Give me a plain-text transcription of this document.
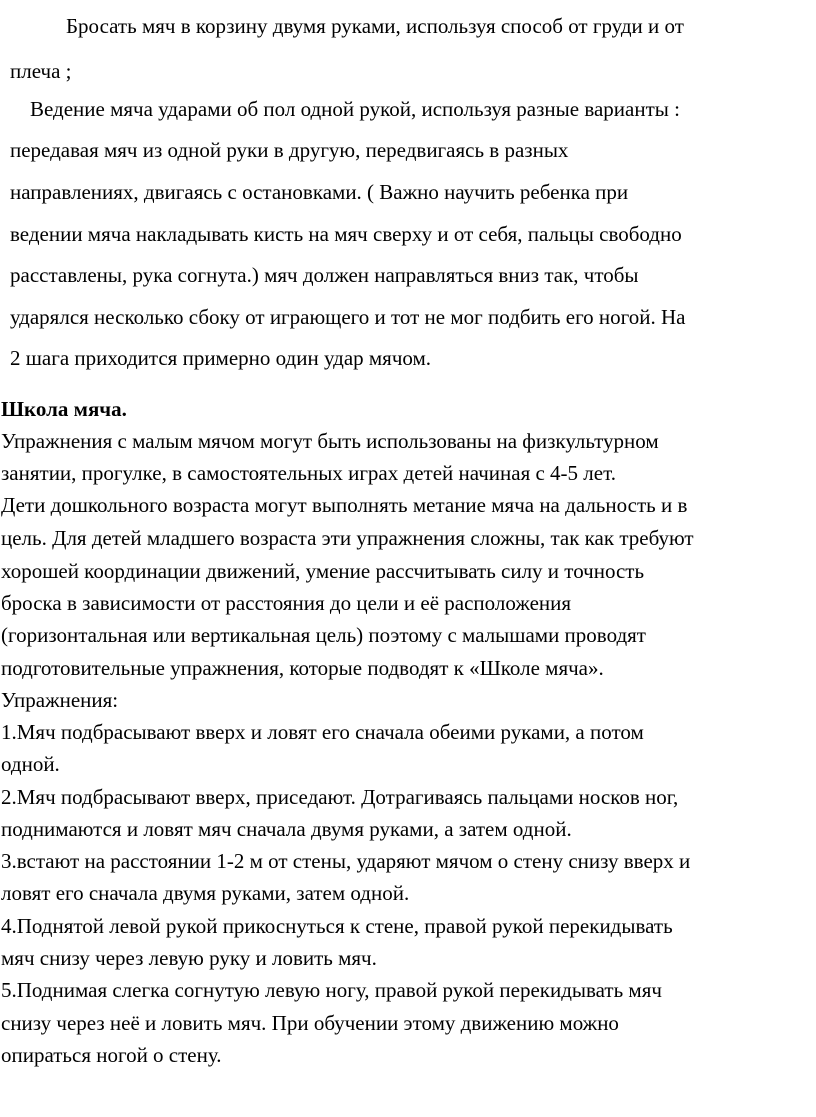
Бросать мяч в корзину двумя руками, используя способ от груди и от
плеча ;
Ведение мяча ударами об пол одной рукой, используя разные варианты :
передавая мяч из одной руки в другую, передвигаясь в разных
направлениях, двигаясь с остановками. ( Важно научить ребенка при
ведении мяча накладывать кисть на мяч сверху и от себя, пальцы свободно
расставлены, рука согнута.) мяч должен направляться вниз так, чтобы
ударялся несколько сбоку от играющего и тот не мог подбить его ногой. На
2 шага приходится примерно один удар мячом.
Школа мяча.
Упражнения с малым мячом могут быть использованы на физкультурном
занятии, прогулке, в самостоятельных играх детей начиная с 4-5 лет.
Дети дошкольного возраста могут выполнять метание мяча на дальность и в
цель. Для детей младшего возраста эти упражнения сложны, так как требуют
хорошей координации движений, умение рассчитывать силу и точность
броска в зависимости от расстояния до цели и её расположения
(горизонтальная или вертикальная цель) поэтому с малышами проводят
подготовительные упражнения, которые подводят к «Школе мяча».
Упражнения:
1.Мяч подбрасывают вверх и ловят его сначала обеими руками, а потом
одной.
2.Мяч подбрасывают вверх, приседают. Дотрагиваясь пальцами носков ног,
поднимаются и ловят мяч сначала двумя руками, а затем одной.
3.встают на расстоянии 1-2 м от стены, ударяют мячом о стену снизу вверх и
ловят его сначала двумя руками, затем одной.
4.Поднятой левой рукой прикоснуться к стене, правой рукой перекидывать
мяч снизу через левую руку и ловить мяч.
5.Поднимая слегка согнутую левую ногу, правой рукой перекидывать мяч
снизу через неё и ловить мяч. При обучении этому движению можно
опираться ногой о стену.
